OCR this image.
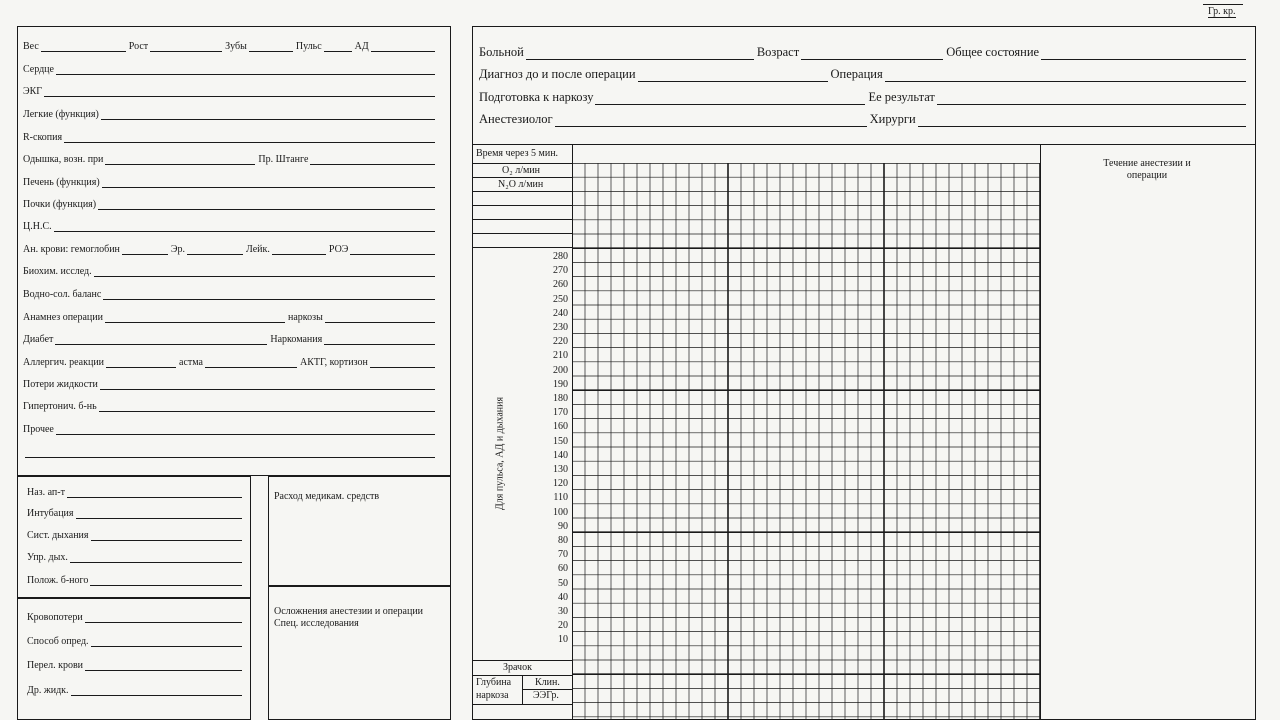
Гр. кр.
Вес	Рост	Зубы	Пульс	АД
Сердце
ЭКГ
Легкие (функция)
R-скопия
Одышка, возн. при	Пр. Штанге
Печень (функция)
Почки (функция)
Ц.Н.С.
Ан. крови: гемоглобин	Эр.	Лейк.	РОЭ
Биохим. исслед.
Водно-сол. баланс
Анамнез операции	наркозы
Диабет	Наркомания
Аллергич. реакции	астма	АКТГ, кортизон
Потери жидкости
Гипертонич. б-нь
Прочее
Наз. ап-т
Интубация
Сист. дыхания
Упр. дых.
Полож. б-ного
Кровопотери
Способ опред.
Перел. крови
Др. жидк.
Расход медикам. средств
Осложнения анестезии и операции
Спец. исследования
Больной	Возраст	Общее состояние
Диагноз до и после операции	Операция
Подготовка к наркозу	Ее результат
Анестезиолог	Хирурги
Течение анестезии и операции
Время через 5 мин.
O₂ л/мин
N₂O л/мин
Для пульса, АД и дыхания
280
270
260
250
240
230
220
210
200
190
180
170
160
150
140
130
120
110
100
90
80
70
60
50
40
30
20
10
Зрачок
Глубина
наркоза
Клин.
ЭЭГр.
